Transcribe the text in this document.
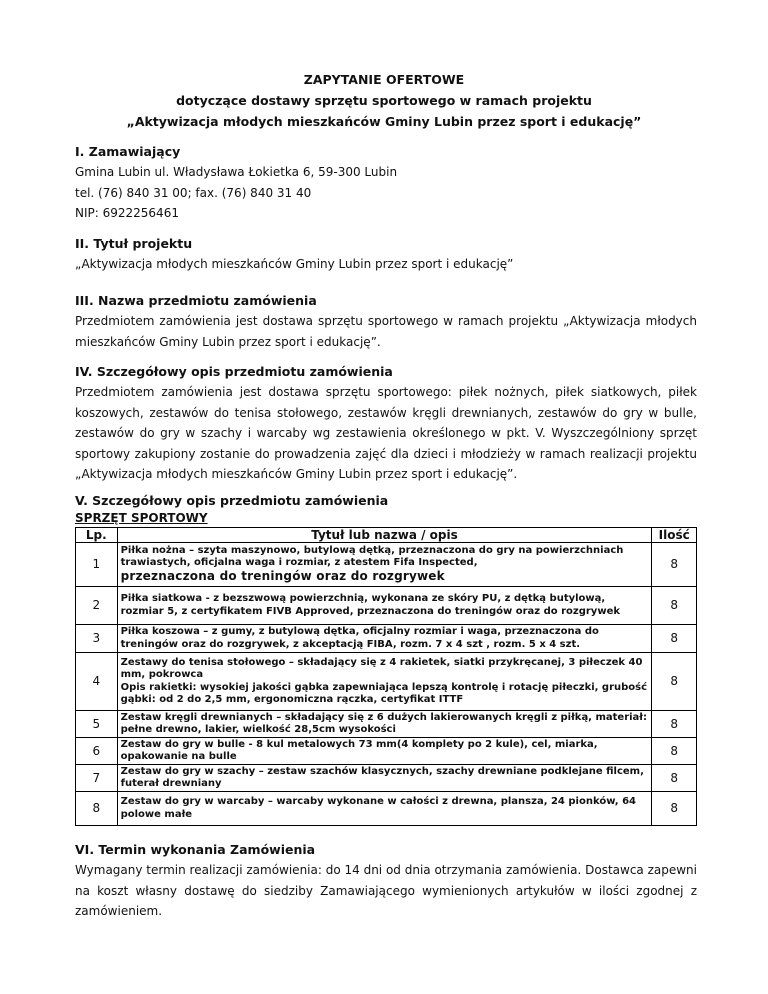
ZAPYTANIE OFERTOWE
dotyczące dostawy sprzętu sportowego w ramach projektu
„Aktywizacja młodych mieszkańców Gminy Lubin przez sport i edukację”
I. Zamawiający

Gmina Lubin ul. Władysława Łokietka 6, 59-300 Lubin

tel. (76) 840 31 00; fax. (76) 840 31 40

NIP: 6922256461

II. Tytuł projektu

„Aktywizacja młodych mieszkańców Gminy Lubin przez sport i edukację”

III. Nazwa przedmiotu zamówienia

Przedmiotem zamówienia jest dostawa sprzętu sportowego w ramach projektu „Aktywizacja młodych mieszkańców Gminy Lubin przez sport i edukację”.

IV. Szczegółowy opis przedmiotu zamówienia

Przedmiotem zamówienia jest dostawa sprzętu sportowego: piłek nożnych, piłek siatkowych, piłek koszowych, zestawów do tenisa stołowego, zestawów kręgli drewnianych, zestawów do gry w bulle, zestawów do gry w szachy i warcaby wg zestawienia określonego w pkt. V. Wyszczególniony sprzęt sportowy zakupiony zostanie do prowadzenia zajęć dla dzieci i młodzieży w ramach realizacji projektu „Aktywizacja młodych mieszkańców Gminy Lubin przez sport i edukację”.

V. Szczegółowy opis przedmiotu zamówienia
SPRZĘT SPORTOWY
Lp.	Tytuł lub nazwa / opis	Ilość
1	Piłka nożna – szyta maszynowo, butylową dętką, przeznaczona do gry na powierzchniach trawiastych, oficjalna waga i rozmiar, z atestem Fifa Inspected,
przeznaczona do treningów oraz do rozgrywek	8
2	Piłka siatkowa - z bezszwową powierzchnią, wykonana ze skóry PU, z dętką butylową, rozmiar 5, z certyfikatem FIVB Approved, przeznaczona do treningów oraz do rozgrywek	8
3	Piłka koszowa – z gumy, z butylową dętka, oficjalny rozmiar i waga, przeznaczona do treningów oraz do rozgrywek, z akceptacją FIBA, rozm. 7 x 4 szt , rozm. 5 x 4 szt.	8
4	Zestawy do tenisa stołowego – składający się z 4 rakietek, siatki przykręcanej, 3 piłeczek 40 mm, pokrowca
Opis rakietki: wysokiej jakości gąbka zapewniająca lepszą kontrolę i rotację piłeczki, grubość gąbki: od 2 do 2,5 mm, ergonomiczna rączka, certyfikat ITTF	8
5	Zestaw kręgli drewnianych – składający się z 6 dużych lakierowanych kręgli z piłką, materiał: pełne drewno, lakier, wielkość 28,5cm wysokości	8
6	Zestaw do gry w bulle - 8 kul metalowych 73 mm(4 komplety po 2 kule), cel, miarka, opakowanie na bulle	8
7	Zestaw do gry w szachy – zestaw szachów klasycznych, szachy drewniane podklejane filcem, futerał drewniany	8
8	Zestaw do gry w warcaby – warcaby wykonane w całości z drewna, plansza, 24 pionków, 64 polowe małe	8
VI. Termin wykonania Zamówienia

Wymagany termin realizacji zamówienia: do 14 dni od dnia otrzymania zamówienia. Dostawca zapewni na koszt własny dostawę do siedziby Zamawiającego wymienionych artykułów w ilości zgodnej z zamówieniem.
